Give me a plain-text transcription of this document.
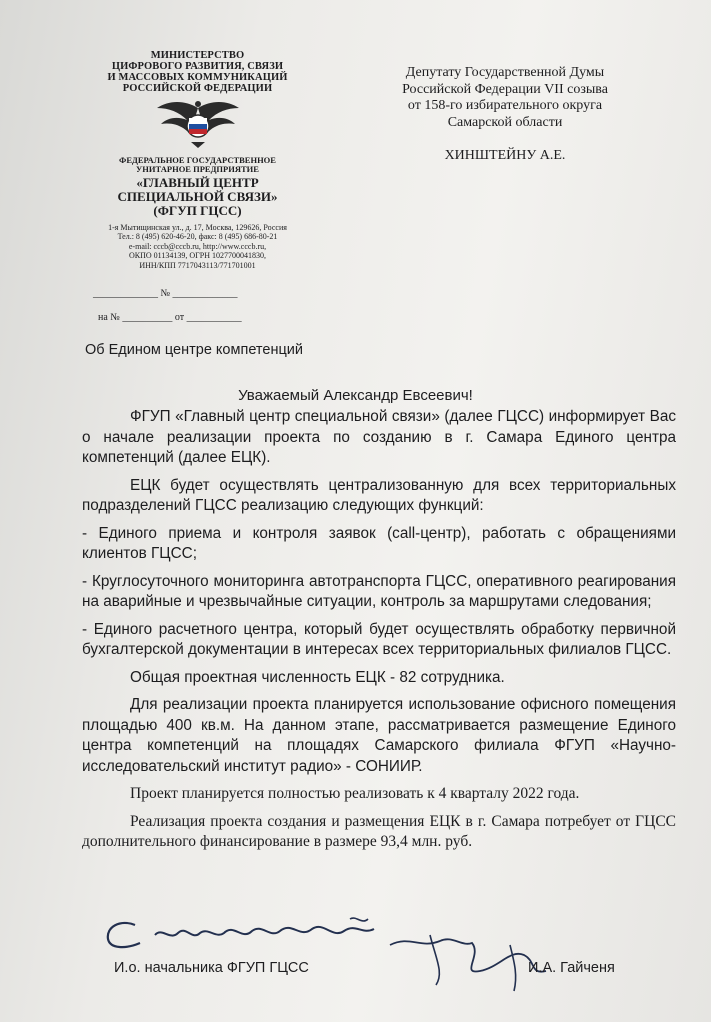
МИНИСТЕРСТВО
ЦИФРОВОГО РАЗВИТИЯ, СВЯЗИ
И МАССОВЫХ КОММУНИКАЦИЙ
РОССИЙСКОЙ ФЕДЕРАЦИИ
ФЕДЕРАЛЬНОЕ ГОСУДАРСТВЕННОЕ
УНИТАРНОЕ ПРЕДПРИЯТИЕ
«ГЛАВНЫЙ ЦЕНТР
СПЕЦИАЛЬНОЙ СВЯЗИ»
(ФГУП ГЦСС)
1-я Мытищинская ул., д. 17, Москва, 129626, Россия
Тел.: 8 (495) 620-46-20, факс: 8 (495) 686-80-21
e-mail: cccb@cccb.ru, http://www.cccb.ru,
ОКПО 01134139, ОГРН 1027700041830,
ИНН/КПП 7717043113/771701001
_____________ № _____________
на № __________ от ___________
Депутату Государственной Думы
Российской Федерации VII созыва
от 158-го избирательного округа
Самарской области
ХИНШТЕЙНУ А.Е.
Об Едином центре компетенций
Уважаемый Александр Евсеевич!

ФГУП «Главный центр специальной связи» (далее ГЦСС) информирует Вас о начале реализации проекта по созданию в г. Самара Единого центра компетенций (далее ЕЦК).

ЕЦК будет осуществлять централизованную для всех территориальных подразделений ГЦСС реализацию следующих функций:

- Единого приема и контроля заявок (call-центр), работать с обращениями клиентов ГЦСС;

- Круглосуточного мониторинга автотранспорта ГЦСС, оперативного реагирования на аварийные и чрезвычайные ситуации, контроль за маршрутами следования;

- Единого расчетного центра, который будет осуществлять обработку первичной бухгалтерской документации в интересах всех территориальных филиалов ГЦСС.

Общая проектная численность ЕЦК - 82 сотрудника.

Для реализации проекта планируется использование офисного помещения площадью 400 кв.м. На данном этапе, рассматривается размещение Единого центра компетенций на площадях Самарского филиала ФГУП «Научно-исследовательский институт радио» - СОНИИР.

Проект планируется полностью реализовать к 4 кварталу 2022 года.

Реализация проекта создания и размещения ЕЦК в г. Самара потребует от ГЦСС дополнительного финансирование в размере 93,4 млн. руб.

И.о. начальника ФГУП ГЦСС	И.А. Гайченя
